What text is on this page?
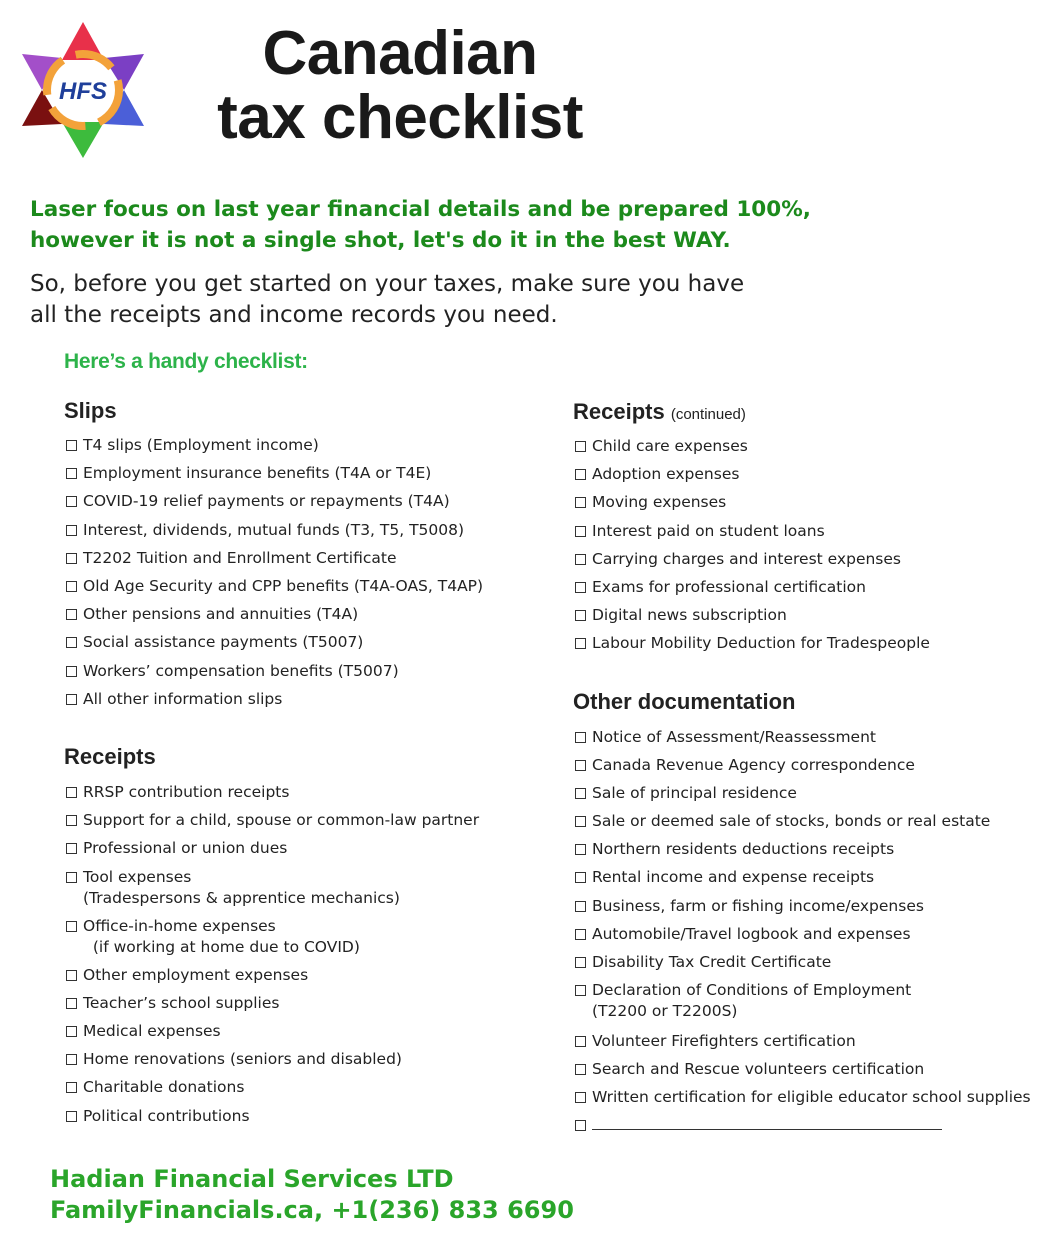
HFS
Canadian
tax checklist
Laser focus on last year financial details and be prepared 100%,
however it is not a single shot, let's do it in the best WAY.
So, before you get started on your taxes, make sure you have
all the receipts and income records you need.
Here’s a handy checklist:
Slips
T4 slips (Employment income)
Employment insurance benefits (T4A or T4E)
COVID-19 relief payments or repayments (T4A)
Interest, dividends, mutual funds (T3, T5, T5008)
T2202 Tuition and Enrollment Certificate
Old Age Security and CPP benefits (T4A-OAS, T4AP)
Other pensions and annuities (T4A)
Social assistance payments (T5007)
Workers’ compensation benefits (T5007)
All other information slips
Receipts
RRSP contribution receipts
Support for a child, spouse or common-law partner
Professional or union dues
Tool expenses
(Tradespersons & apprentice mechanics)
Office-in-home expenses
(if working at home due to COVID)
Other employment expenses
Teacher’s school supplies
Medical expenses
Home renovations (seniors and disabled)
Charitable donations
Political contributions
Receipts (continued)
Child care expenses
Adoption expenses
Moving expenses
Interest paid on student loans
Carrying charges and interest expenses
Exams for professional certification
Digital news subscription
Labour Mobility Deduction for Tradespeople
Other documentation
Notice of Assessment/Reassessment
Canada Revenue Agency correspondence
Sale of principal residence
Sale or deemed sale of stocks, bonds or real estate
Northern residents deductions receipts
Rental income and expense receipts
Business, farm or fishing income/expenses
Automobile/Travel logbook and expenses
Disability Tax Credit Certificate
Declaration of Conditions of Employment
(T2200 or T2200S)
Volunteer Firefighters certification
Search and Rescue volunteers certification
Written certification for eligible educator school supplies
Hadian Financial Services LTD
FamilyFinancials.ca, +1(236) 833 6690
